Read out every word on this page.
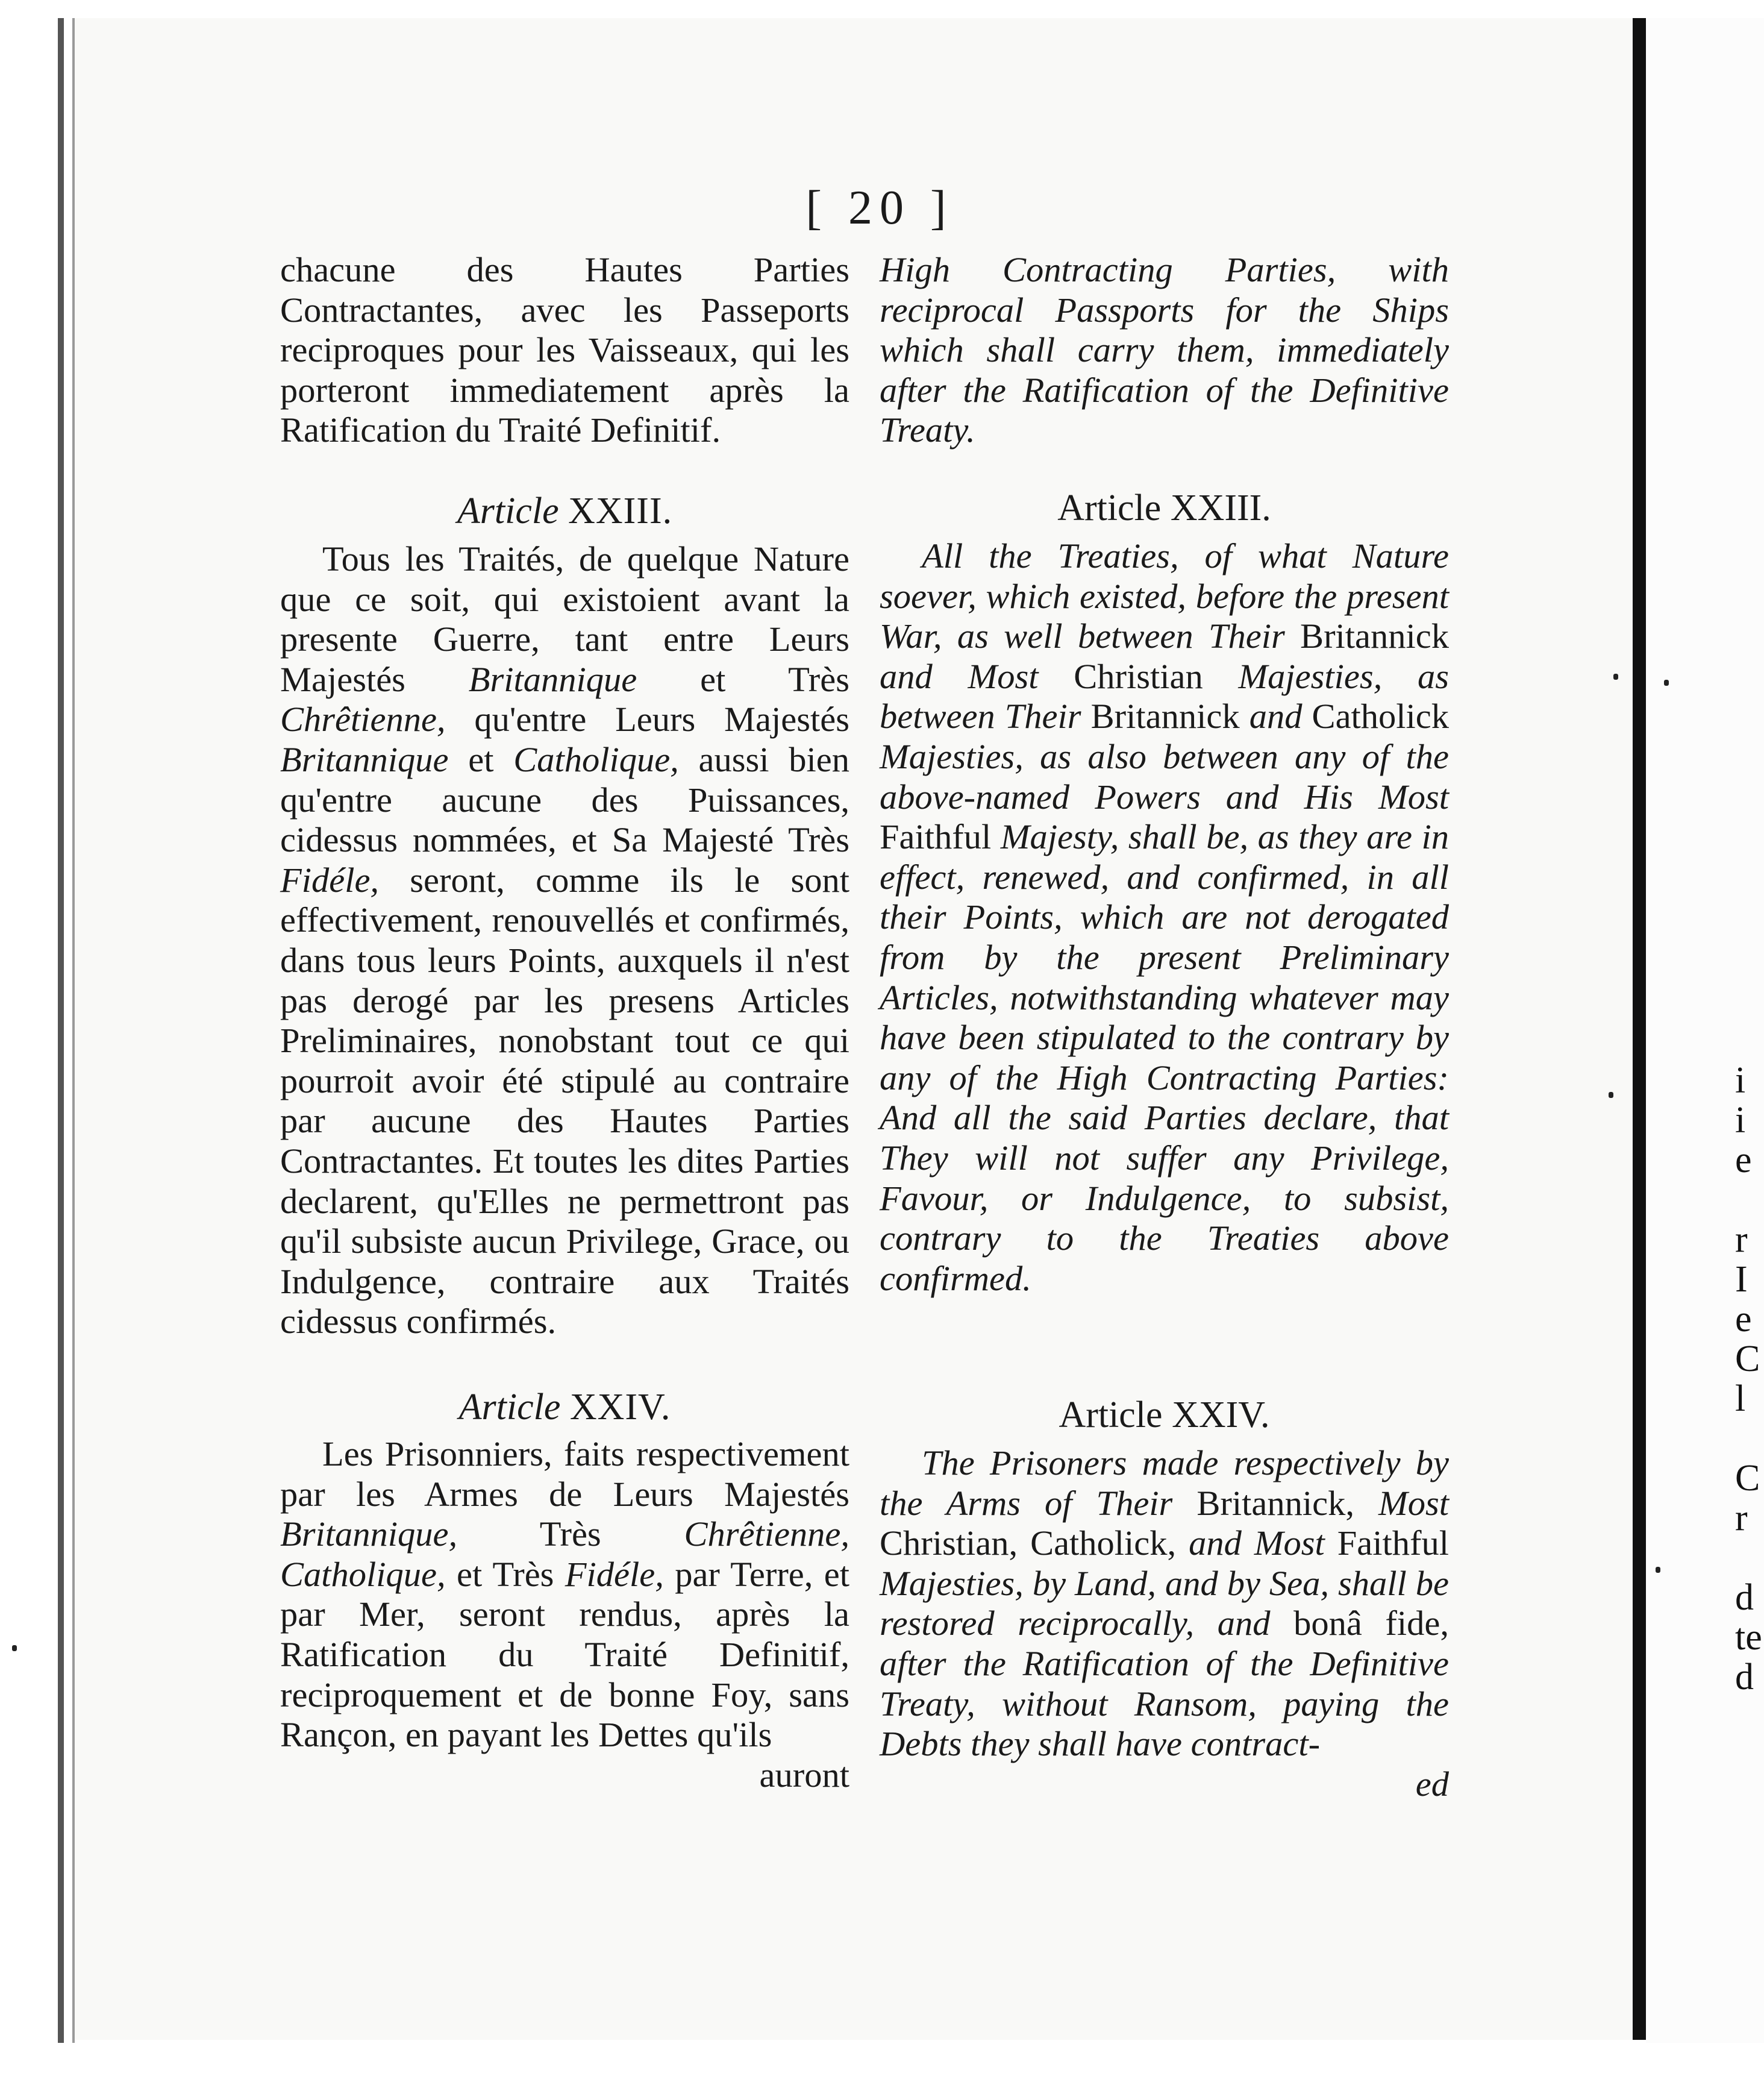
[ 20 ]

chacune des Hautes Parties Contractantes, avec les Passeports reciproques pour les Vaisseaux, qui les porteront immediatement après la Ratification du Traité Definitif.

Article XXIII.

Tous les Traités, de quelque Nature que ce soit, qui existoient avant la presente Guerre, tant entre Leurs Majestés Britannique et Très Chrêtienne, qu'entre Leurs Majestés Britannique et Catholique, aussi bien qu'entre aucune des Puissances, cidessus nommées, et Sa Majesté Très Fidéle, seront, comme ils le sont effectivement, renouvellés et confirmés, dans tous leurs Points, auxquels il n'est pas derogé par les presens Articles Preliminaires, nonobstant tout ce qui pourroit avoir été stipulé au contraire par aucune des Hautes Parties Contractantes. Et toutes les dites Parties declarent, qu'Elles ne permettront pas qu'il subsiste aucun Privilege, Grace, ou Indulgence, contraire aux Traités cidessus confirmés.

Article XXIV.

Les Prisonniers, faits respectivement par les Armes de Leurs Majestés Britannique, Très Chrêtienne, Catholique, et Très Fidéle, par Terre, et par Mer, seront rendus, après la Ratification du Traité Definitif, reciproquement et de bonne Foy, sans Rançon, en payant les Dettes qu'ils

auront

High Contracting Parties, with reciprocal Passports for the Ships which shall carry them, immediately after the Ratification of the Definitive Treaty.

Article XXIII.

All the Treaties, of what Nature soever, which existed, before the present War, as well between Their Britannick and Most Christian Majesties, as between Their Britannick and Catholick Majesties, as also between any of the above-named Powers and His Most Faithful Majesty, shall be, as they are in effect, renewed, and confirmed, in all their Points, which are not derogated from by the present Preliminary Articles, notwithstanding whatever may have been stipulated to the contrary by any of the High Contracting Parties: And all the said Parties declare, that They will not suffer any Privilege, Favour, or Indulgence, to subsist, contrary to the Treaties above confirmed.

Article XXIV.

The Prisoners made respectively by the Arms of Their Britannick, Most Christian, Catholick, and Most Faithful Majesties, by Land, and by Sea, shall be restored reciprocally, and bonâ fide, after the Ratification of the Definitive Treaty, without Ransom, paying the Debts they shall have contract-

ed

i
i
e
r
I
e
C
l
C
r
d
te
d
